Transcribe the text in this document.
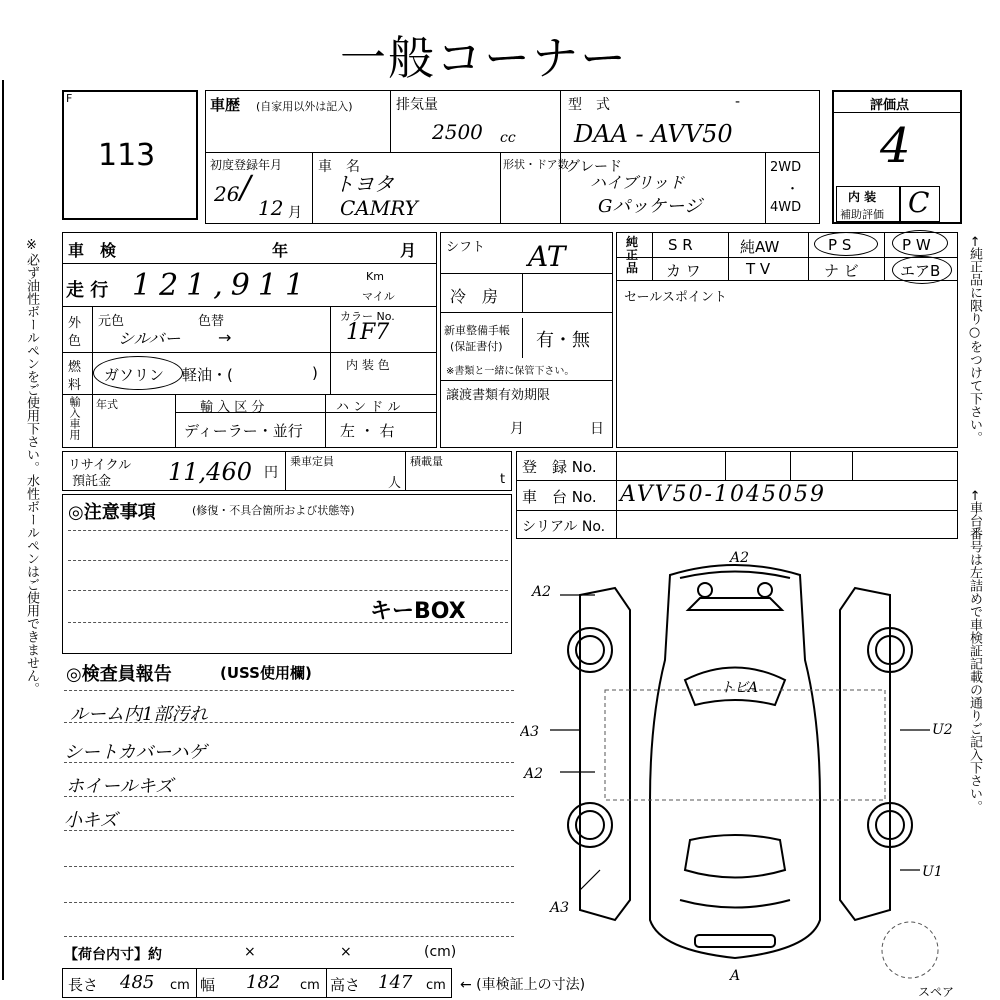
一般コーナー
F
113
車歴 (自家用以外は記入)	排気量
2500 cc
型　式	-
DAA - AVV50
初度登録年月
26 /
12 月
車　名
トヨタ
CAMRY
形状・ドア数
グレード
ハイブリッド
Gパッケージ
2WD
・
4WD
評価点
4
内 装
補助評価 C
※必ず油性ボールペンをご使用下さい。水性ボールペンはご使用できません。
←純正品に限り○をつけて下さい。
←車台番号は左詰めで車検証記載の通りご記入下さい。
車　検	年	月
走 行 121,911	Km
マイル
外
色
元色	色替
シルバー →
カラー No.
1F7
燃
料
ガソリン 軽油・(	) 内 装 色
輸入車用 年式	輸 入 区 分
ディーラー・並行
ハ ン ド ル
左 ・ 右
シフト AT
冷　房
新車整備手帳
(保証書付) 有・無
※書類と一緒に保管下さい。
譲渡書類有効期限
月	日
純正品
S R	純AW	P S	P W
カ ワ	T V	ナ ビ	エアB
セールスポイント
リサイクル
預託金 11,460 円
乗車定員
人
積載量
t
登　録 No.
車　台 No. AVV50-1045059
シリアル No.
◎注意事項	(修復・不具合箇所および状態等)
キーBOX
◎検査員報告	(USS使用欄)
ルーム内1部汚れ
シートカバーハゲ
ホイールキズ
小キズ
【荷台内寸】約	×	×	(cm)
長さ 485 cm 幅 182 cm 高さ 147 cm ← (車検証上の寸法)
A2
A2
A3
A2
U2
U1
A3
A
トビA
スペア
